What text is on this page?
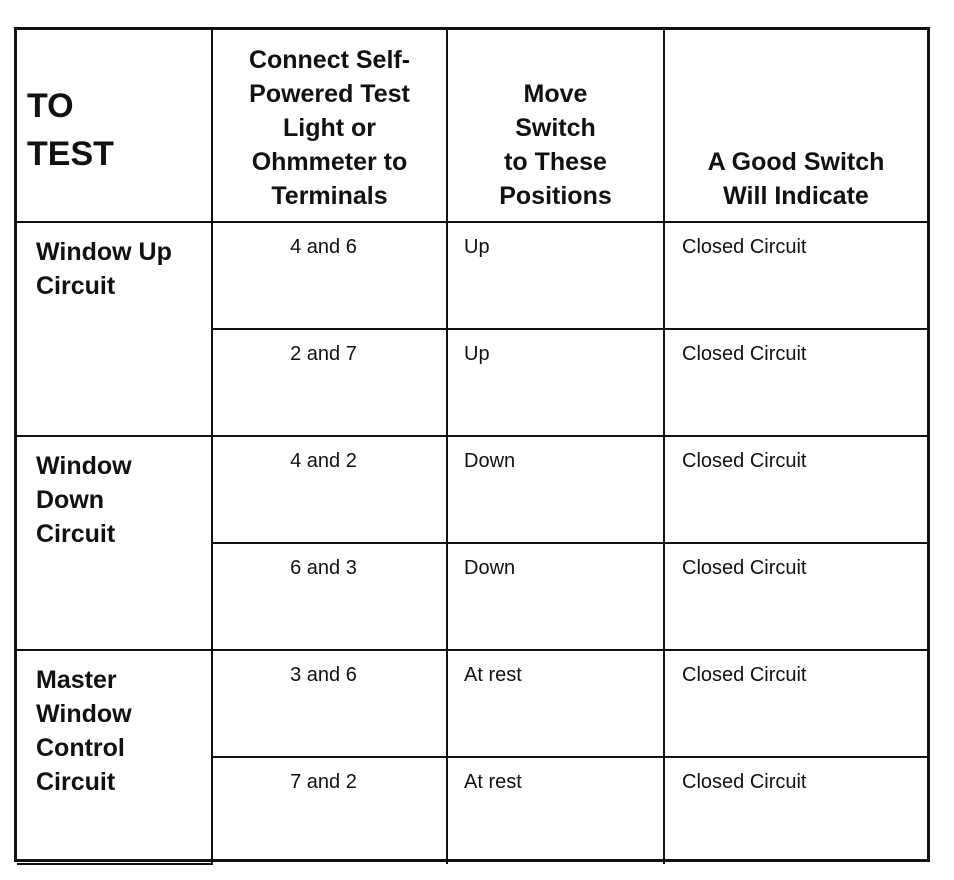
TO
TEST	Connect Self-
Powered Test
Light or
Ohmmeter to
Terminals	Move
Switch
to These
Positions	A Good Switch
Will Indicate

Window Up
Circuit	4 and 6	Up	Closed Circuit
	2 and 7	Up	Closed Circuit

Window
Down
Circuit	4 and 2	Down	Closed Circuit
	6 and 3	Down	Closed Circuit

Master
Window
Control
Circuit	3 and 6	At rest	Closed Circuit
	7 and 2	At rest	Closed Circuit
